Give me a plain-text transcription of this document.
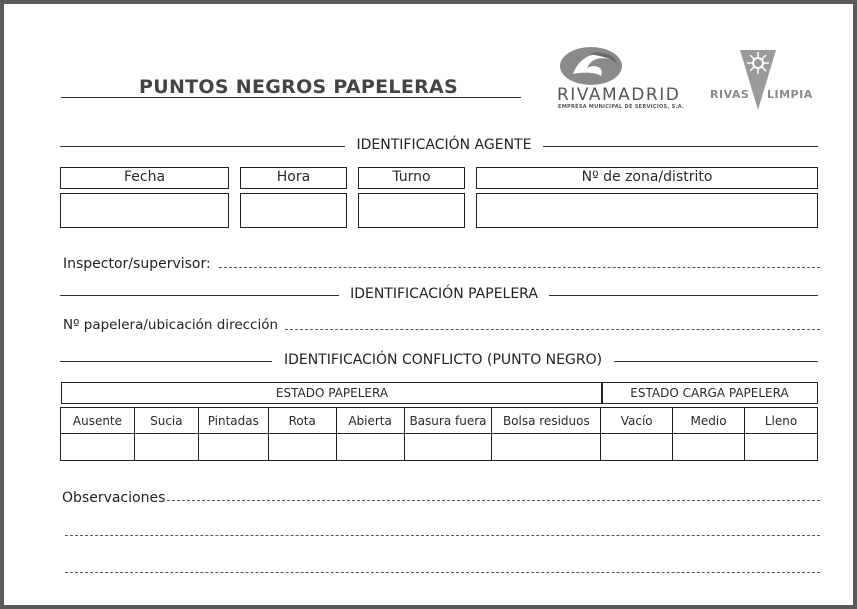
PUNTOS NEGROS PAPELERAS	RIVAMADRID
EMPRESA MUNICIPAL DE SERVICIOS, S.A.
RIVAS LIMPIA
IDENTIFICACIÓN AGENTE
Fecha	Hora	Turno	Nº de zona/distrito
Inspector/supervisor:
IDENTIFICACIÓN PAPELERA
Nº papelera/ubicación dirección
IDENTIFICACIÓN CONFLICTO (PUNTO NEGRO)
ESTADO PAPELERA	ESTADO CARGA PAPELERA
Ausente	Sucia	Pintadas	Rota	Abierta	Basura fuera	Bolsa residuos	Vacío	Medio	Lleno

Observaciones
